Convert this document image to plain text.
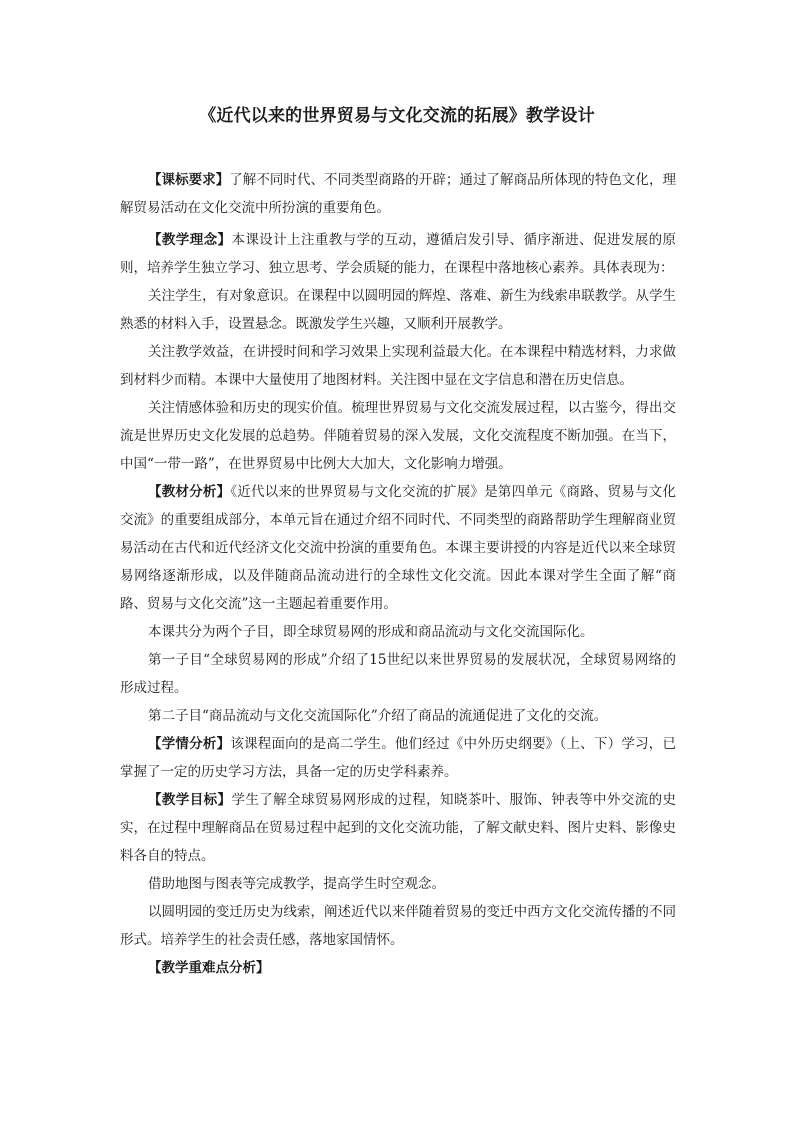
《近代以来的世界贸易与文化交流的拓展》教学设计

【课标要求】了解不同时代、不同类型商路的开辟；通过了解商品所体现的特色文化，理解贸易活动在文化交流中所扮演的重要角色。

【教学理念】本课设计上注重教与学的互动，遵循启发引导、循序渐进、促进发展的原则，培养学生独立学习、独立思考、学会质疑的能力，在课程中落地核心素养。具体表现为：

关注学生，有对象意识。在课程中以圆明园的辉煌、落难、新生为线索串联教学。从学生熟悉的材料入手，设置悬念。既激发学生兴趣，又顺利开展教学。

关注教学效益，在讲授时间和学习效果上实现利益最大化。在本课程中精选材料，力求做到材料少而精。本课中大量使用了地图材料。关注图中显在文字信息和潜在历史信息。

关注情感体验和历史的现实价值。梳理世界贸易与文化交流发展过程，以古鉴今，得出交流是世界历史文化发展的总趋势。伴随着贸易的深入发展，文化交流程度不断加强。在当下，中国“一带一路”，在世界贸易中比例大大加大，文化影响力增强。

【教材分析】《近代以来的世界贸易与文化交流的扩展》是第四单元《商路、贸易与文化交流》的重要组成部分，本单元旨在通过介绍不同时代、不同类型的商路帮助学生理解商业贸易活动在古代和近代经济文化交流中扮演的重要角色。本课主要讲授的内容是近代以来全球贸易网络逐渐形成，以及伴随商品流动进行的全球性文化交流。因此本课对学生全面了解“商路、贸易与文化交流”这一主题起着重要作用。

本课共分为两个子目，即全球贸易网的形成和商品流动与文化交流国际化。

第一子目“全球贸易网的形成”介绍了15世纪以来世界贸易的发展状况，全球贸易网络的形成过程。

第二子目“商品流动与文化交流国际化”介绍了商品的流通促进了文化的交流。

【学情分析】该课程面向的是高二学生。他们经过《中外历史纲要》（上、下）学习，已掌握了一定的历史学习方法，具备一定的历史学科素养。

【教学目标】学生了解全球贸易网形成的过程，知晓茶叶、服饰、钟表等中外交流的史实，在过程中理解商品在贸易过程中起到的文化交流功能，了解文献史料、图片史料、影像史料各自的特点。

借助地图与图表等完成教学，提高学生时空观念。

以圆明园的变迁历史为线索，阐述近代以来伴随着贸易的变迁中西方文化交流传播的不同形式。培养学生的社会责任感，落地家国情怀。

【教学重难点分析】
